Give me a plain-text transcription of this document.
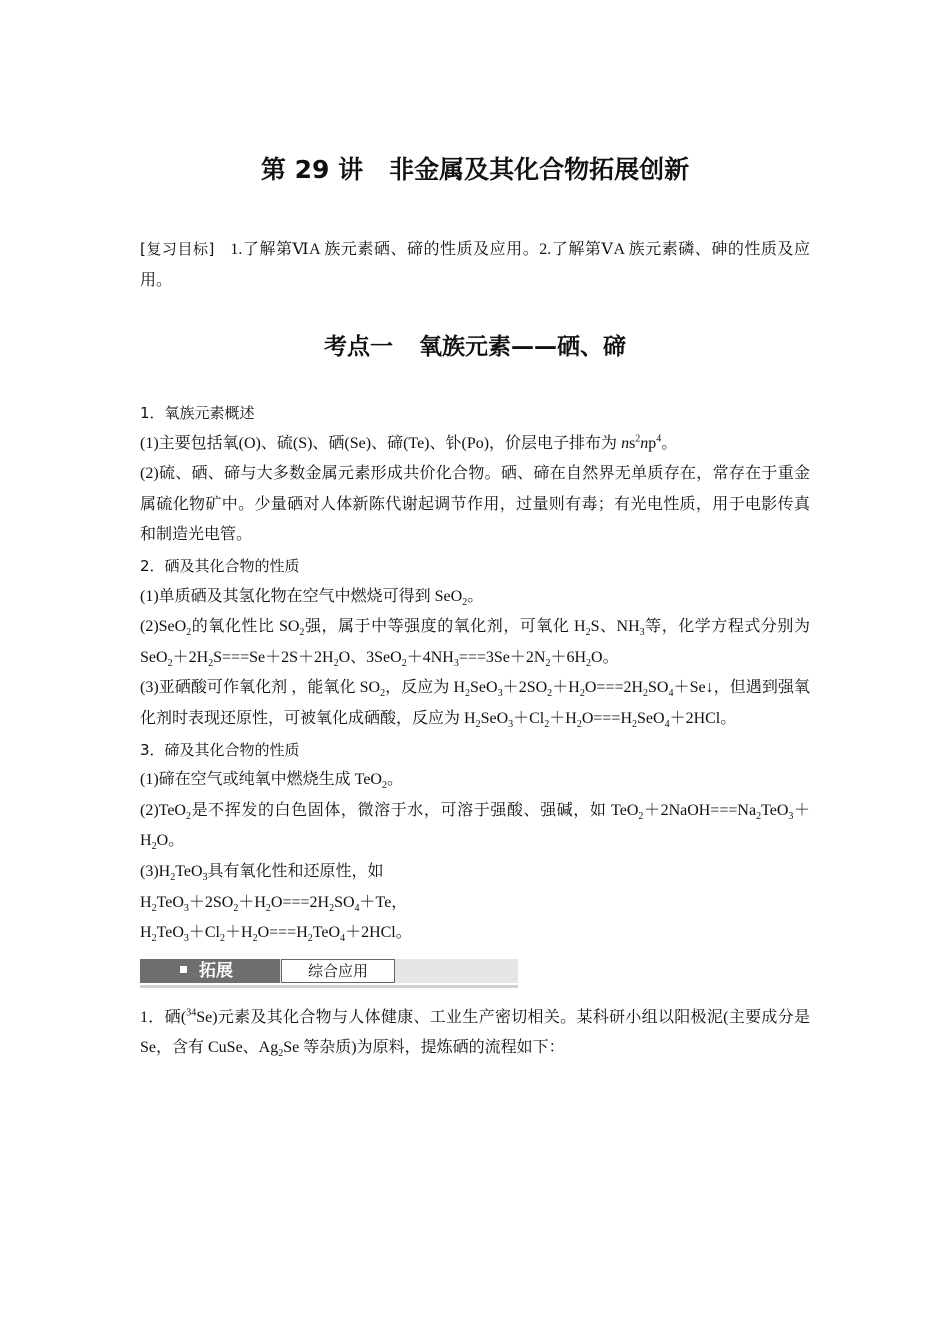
第 29 讲 非金属及其化合物拓展创新
[复习目标] 1.了解第ⅥA 族元素硒、碲的性质及应用。2.了解第ⅤA 族元素磷、砷的性质及应用。
考点一 氧族元素——硒、碲

1．氧族元素概述

(1)主要包括氧(O)、硫(S)、硒(Se)、碲(Te)、钋(Po)，价层电子排布为 $ns^2np^4$。

(2)硫、硒、碲与大多数金属元素形成共价化合物。硒、碲在自然界无单质存在，常存在于重金属硫化物矿中。少量硒对人体新陈代谢起调节作用，过量则有毒；有光电性质，用于电影传真和制造光电管。

2．硒及其化合物的性质

(1)单质硒及其氢化物在空气中燃烧可得到 SeO$_2$。

(2)SeO$_2$的氧化性比 $SO_2$强，属于中等强度的氧化剂，可氧化 $H_2S$、$NH_3$等，化学方程式分别为 $SeO_2+2H_2S===Se+2S+2H_2O$、$3SeO_2+4NH_3===3Se+2N_2+6H_2O$。

(3)亚硒酸可作氧化剂 ，能氧化 $SO_2$，反应为 $H_2SeO_3+2SO_2+H_2O===2H_2SO_4+Se↓$，但遇到强氧化剂时表现还原性，可被氧化成硒酸，反应为 $H_2SeO_3+Cl_2+H_2O===H_2SeO_4+2HCl$。

3．碲及其化合物的性质

(1)碲在空气或纯氧中燃烧生成 TeO$_2$。

(2)TeO$_2$是不挥发的白色固体，微溶于水，可溶于强酸、强碱，如 $TeO_2+2NaOH===Na_2TeO_3+H_2O$。

$(3)H_2TeO_3$具有氧化性和还原性，如

$H_2TeO_3+2SO_2+H_2O===2H_2SO_4+Te$，

$H_2TeO_3+Cl_2+H_2O===H_2TeO_4+2HCl$。

拓展	综合应用

1．硒($^{34}$Se)元素及其化合物与人体健康、工业生产密切相关。某科研小组以阳极泥(主要成分是 Se，含有 CuSe、$Ag_2Se$ 等杂质)为原料，提炼硒的流程如下：
